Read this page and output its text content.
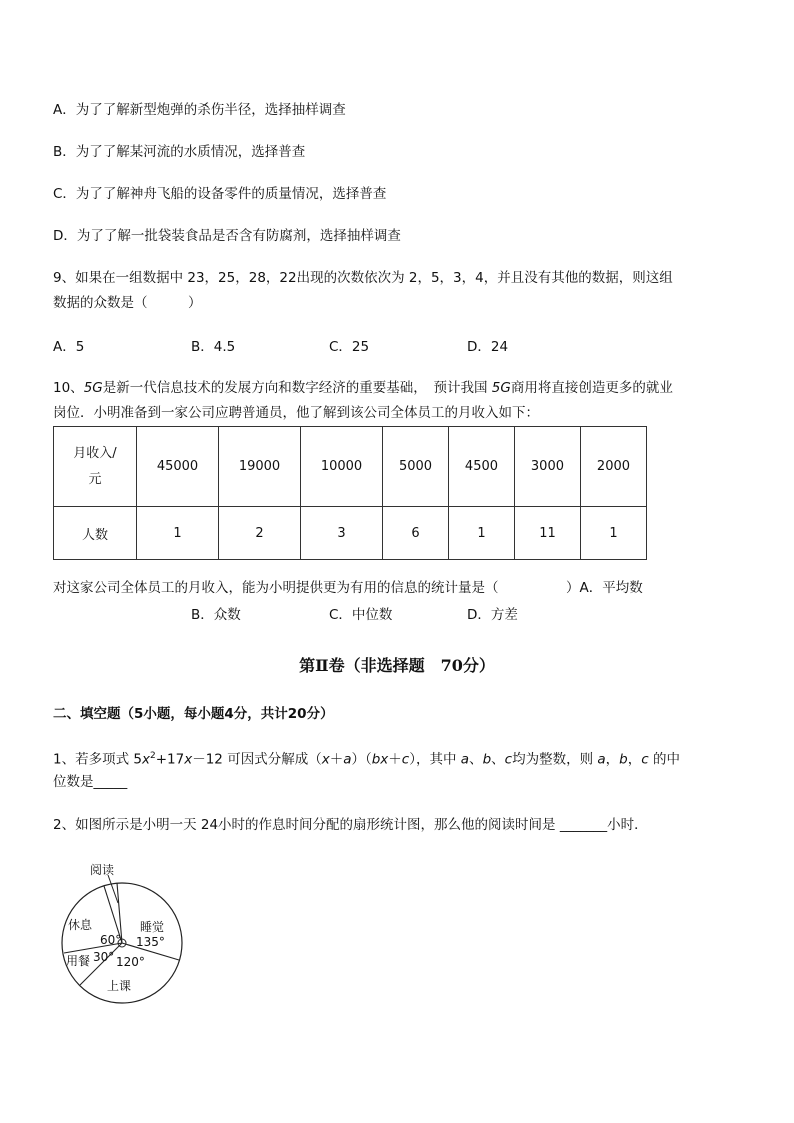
A．为了了解新型炮弹的杀伤半径，选择抽样调查
B．为了了解某河流的水质情况，选择普查
C．为了了解神舟飞船的设备零件的质量情况，选择普查
D．为了了解一批袋装食品是否含有防腐剂，选择抽样调查
9、如果在一组数据中 23，25，28，22出现的次数依次为 2，5，3，4，并且没有其他的数据，则这组
数据的众数是（　　　）
A．5	B．4.5	C．25	D．24
10、5G是新一代信息技术的发展方向和数字经济的重要基础，　预计我国 5G商用将直接创造更多的就业
岗位．小明准备到一家公司应聘普通员，他了解到该公司全体员工的月收入如下：
月收入/
元	45000	19000	10000	5000	4500	3000	2000
人数	1	2	3	6	1	11	1
对这家公司全体员工的月收入，能为小明提供更为有用的信息的统计量是（　　　　　）A．平均数
B．众数	C．中位数	D．方差
第Ⅱ卷（非选择题　70分）
二、填空题（5小题，每小题4分，共计20分）
1、若多项式 $5x^2+17x-12$ 可因式分解成（x＋a）（bx＋c），其中 a、b、c均为整数，则 a，b，c 的中
位数是_____
2、如图所示是小明一天 24小时的作息时间分配的扇形统计图，那么他的阅读时间是 _______小时．
阅读
休息	睡觉
用餐
上课
60° 135°
30° 120°
